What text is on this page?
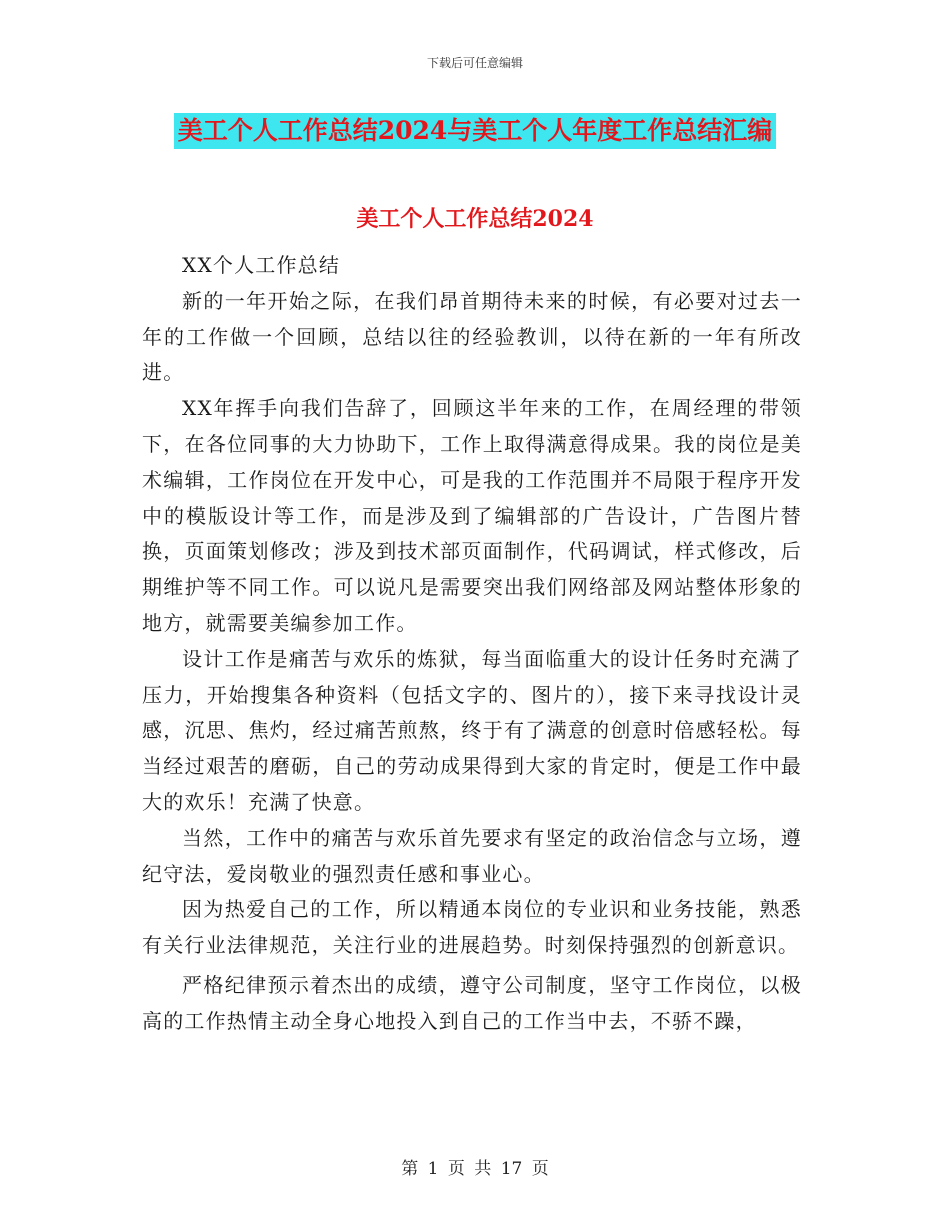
下载后可任意编辑
美工个人工作总结2024与美工个人年度工作总结汇编
美工个人工作总结2024

XX个人工作总结

新的一年开始之际，在我们昂首期待未来的时候，有必要对过去一年的工作做一个回顾，总结以往的经验教训，以待在新的一年有所改进。

XX年挥手向我们告辞了，回顾这半年来的工作，在周经理的带领下，在各位同事的大力协助下，工作上取得满意得成果。我的岗位是美术编辑，工作岗位在开发中心，可是我的工作范围并不局限于程序开发中的模版设计等工作，而是涉及到了编辑部的广告设计，广告图片替换，页面策划修改；涉及到技术部页面制作，代码调试，样式修改，后期维护等不同工作。可以说凡是需要突出我们网络部及网站整体形象的地方，就需要美编参加工作。

设计工作是痛苦与欢乐的炼狱，每当面临重大的设计任务时充满了压力，开始搜集各种资料（包括文字的、图片的），接下来寻找设计灵感，沉思、焦灼，经过痛苦煎熬，终于有了满意的创意时倍感轻松。每当经过艰苦的磨砺，自己的劳动成果得到大家的肯定时，便是工作中最大的欢乐！充满了快意。

当然，工作中的痛苦与欢乐首先要求有坚定的政治信念与立场，遵纪守法，爱岗敬业的强烈责任感和事业心。

因为热爱自己的工作，所以精通本岗位的专业识和业务技能，熟悉有关行业法律规范，关注行业的进展趋势。时刻保持强烈的创新意识。

严格纪律预示着杰出的成绩，遵守公司制度，坚守工作岗位，以极高的工作热情主动全身心地投入到自己的工作当中去，不骄不躁，

第 1 页 共 17 页
